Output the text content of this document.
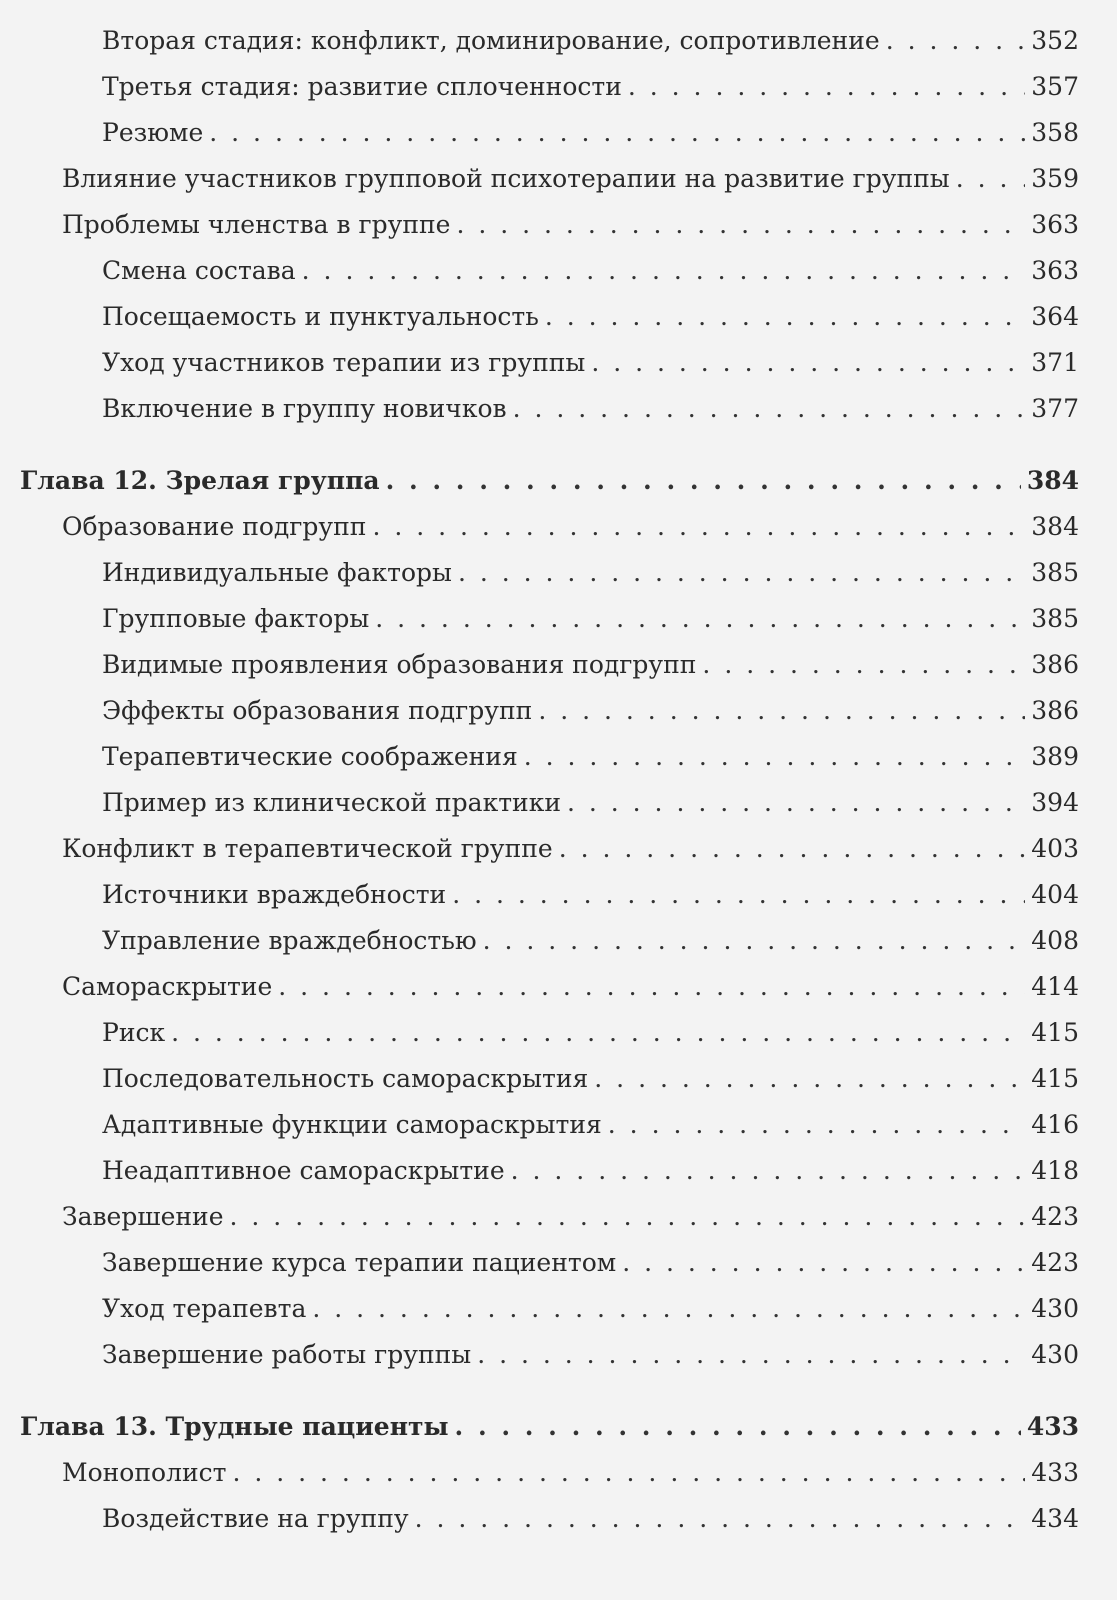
Вторая стадия: конфликт, доминирование, сопротивление . . .	352
Третья стадия: развитие сплоченности . . .	357
Резюме . . .	358
Влияние участников групповой психотерапии на развитие группы . . .	359
Проблемы членства в группе . . .	363
Смена состава . . .	363
Посещаемость и пунктуальность . . .	364
Уход участников терапии из группы . . .	371
Включение в группу новичков . . .	377
Глава 12. Зрелая группа . . .	384
Образование подгрупп . . .	384
Индивидуальные факторы . . .	385
Групповые факторы . . .	385
Видимые проявления образования подгрупп . . .	386
Эффекты образования подгрупп . . .	386
Терапевтические соображения . . .	389
Пример из клинической практики . . .	394
Конфликт в терапевтической группе . . .	403
Источники враждебности . . .	404
Управление враждебностью . . .	408
Самораскрытие . . .	414
Риск . . .	415
Последовательность самораскрытия . . .	415
Адаптивные функции самораскрытия . . .	416
Неадаптивное самораскрытие . . .	418
Завершение . . .	423
Завершение курса терапии пациентом . . .	423
Уход терапевта . . .	430
Завершение работы группы . . .	430
Глава 13. Трудные пациенты . . .	433
Монополист . . .	433
Воздействие на группу . . .	434
